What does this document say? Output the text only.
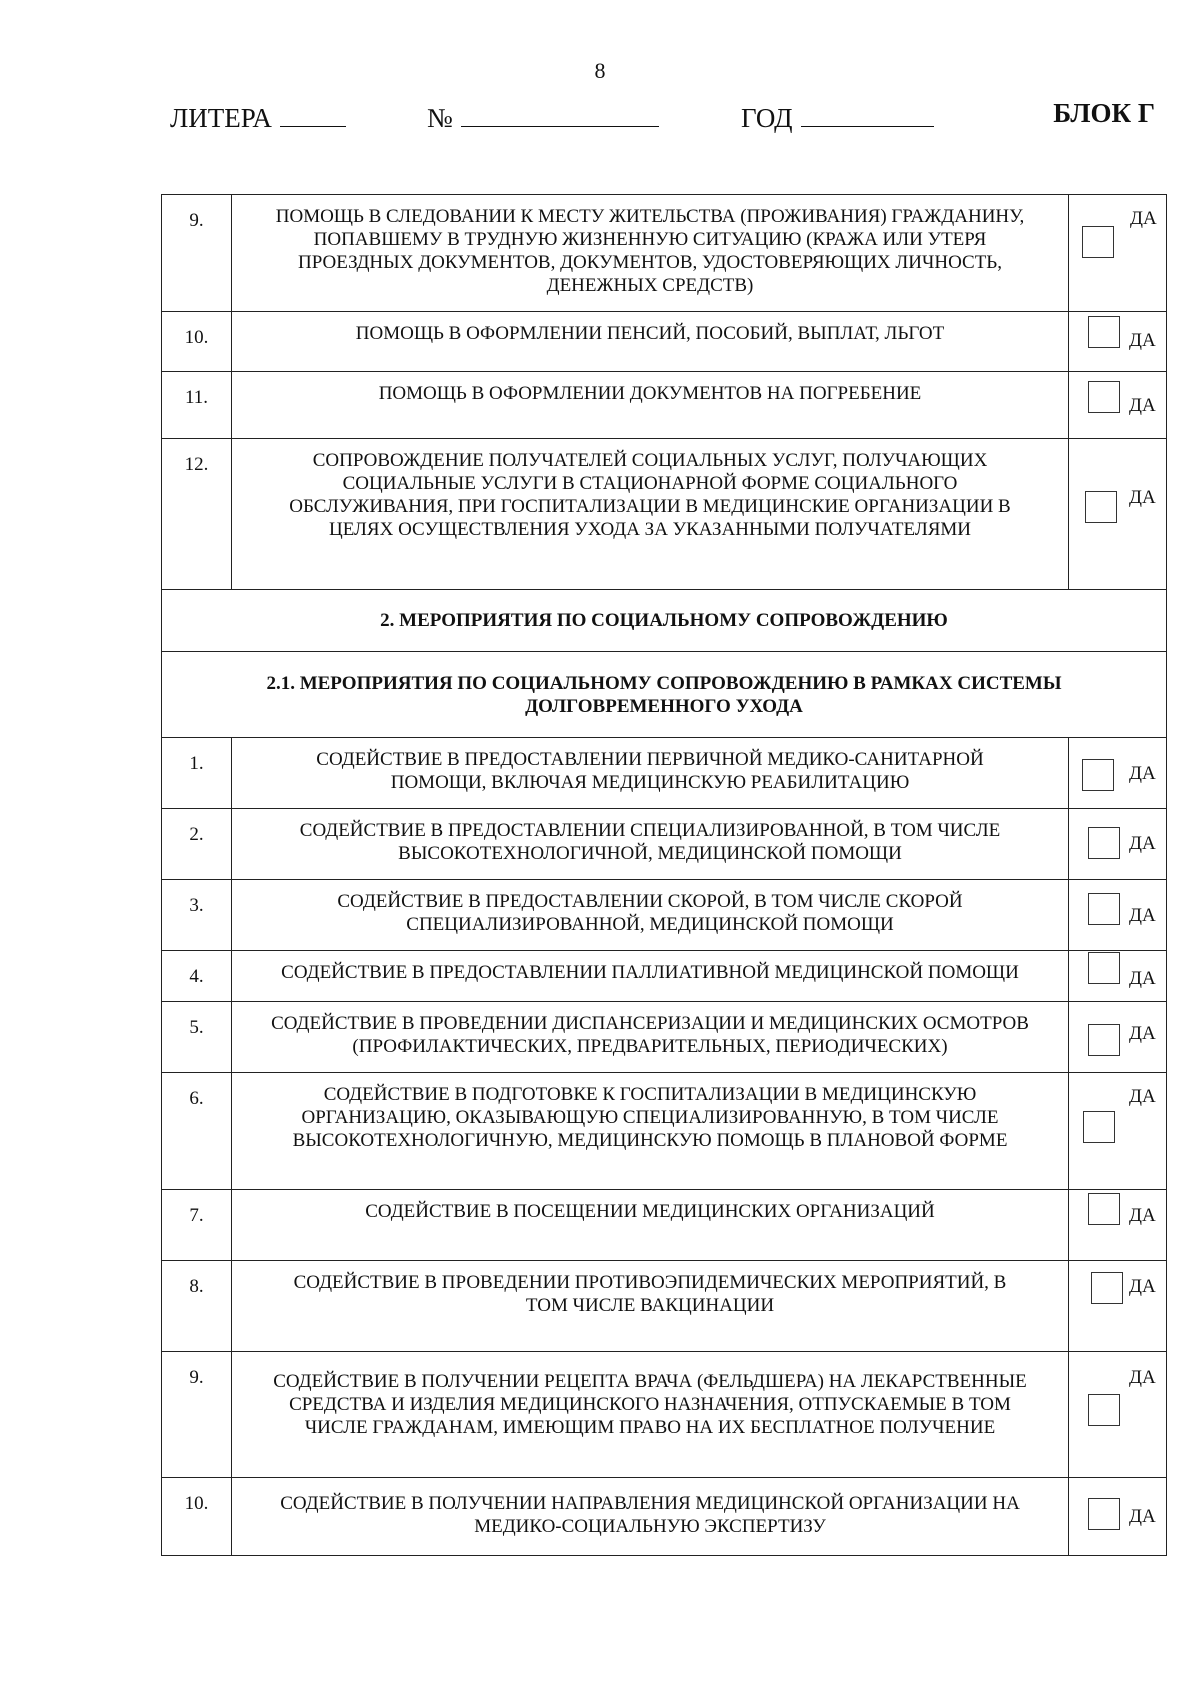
8
ЛИТЕРА	№	ГОД	БЛОК Г
9.	ПОМОЩЬ В СЛЕДОВАНИИ К МЕСТУ ЖИТЕЛЬСТВА (ПРОЖИВАНИЯ) ГРАЖДАНИНУ, ПОПАВШЕМУ В ТРУДНУЮ ЖИЗНЕННУЮ СИТУАЦИЮ (КРАЖА ИЛИ УТЕРЯ ПРОЕЗДНЫХ ДОКУМЕНТОВ, ДОКУМЕНТОВ, УДОСТОВЕРЯЮЩИХ ЛИЧНОСТЬ, ДЕНЕЖНЫХ СРЕДСТВ)	ДА

10.	ПОМОЩЬ В ОФОРМЛЕНИИ ПЕНСИЙ, ПОСОБИЙ, ВЫПЛАТ, ЛЬГОТ	ДА

11.	ПОМОЩЬ В ОФОРМЛЕНИИ ДОКУМЕНТОВ НА ПОГРЕБЕНИЕ	ДА

12.	СОПРОВОЖДЕНИЕ ПОЛУЧАТЕЛЕЙ СОЦИАЛЬНЫХ УСЛУГ, ПОЛУЧАЮЩИХ СОЦИАЛЬНЫЕ УСЛУГИ В СТАЦИОНАРНОЙ ФОРМЕ СОЦИАЛЬНОГО ОБСЛУЖИВАНИЯ, ПРИ ГОСПИТАЛИЗАЦИИ В МЕДИЦИНСКИЕ ОРГАНИЗАЦИИ В ЦЕЛЯХ ОСУЩЕСТВЛЕНИЯ УХОДА ЗА УКАЗАННЫМИ ПОЛУЧАТЕЛЯМИ	ДА

2. МЕРОПРИЯТИЯ ПО СОЦИАЛЬНОМУ СОПРОВОЖДЕНИЮ		
2.1. МЕРОПРИЯТИЯ ПО СОЦИАЛЬНОМУ СОПРОВОЖДЕНИЮ В РАМКАХ СИСТЕМЫ ДОЛГОВРЕМЕННОГО УХОДА		
1.	СОДЕЙСТВИЕ В ПРЕДОСТАВЛЕНИИ ПЕРВИЧНОЙ МЕДИКО-САНИТАРНОЙ ПОМОЩИ, ВКЛЮЧАЯ МЕДИЦИНСКУЮ РЕАБИЛИТАЦИЮ	ДА

2.	СОДЕЙСТВИЕ В ПРЕДОСТАВЛЕНИИ СПЕЦИАЛИЗИРОВАННОЙ, В ТОМ ЧИСЛЕ ВЫСОКОТЕХНОЛОГИЧНОЙ, МЕДИЦИНСКОЙ ПОМОЩИ	ДА

3.	СОДЕЙСТВИЕ В ПРЕДОСТАВЛЕНИИ СКОРОЙ, В ТОМ ЧИСЛЕ СКОРОЙ СПЕЦИАЛИЗИРОВАННОЙ, МЕДИЦИНСКОЙ ПОМОЩИ	ДА

4.	СОДЕЙСТВИЕ В ПРЕДОСТАВЛЕНИИ ПАЛЛИАТИВНОЙ МЕДИЦИНСКОЙ ПОМОЩИ	ДА

5.	СОДЕЙСТВИЕ В ПРОВЕДЕНИИ ДИСПАНСЕРИЗАЦИИ И МЕДИЦИНСКИХ ОСМОТРОВ (ПРОФИЛАКТИЧЕСКИХ, ПРЕДВАРИТЕЛЬНЫХ, ПЕРИОДИЧЕСКИХ)	ДА

6.	СОДЕЙСТВИЕ В ПОДГОТОВКЕ К ГОСПИТАЛИЗАЦИИ В МЕДИЦИНСКУЮ ОРГАНИЗАЦИЮ, ОКАЗЫВАЮЩУЮ СПЕЦИАЛИЗИРОВАННУЮ, В ТОМ ЧИСЛЕ ВЫСОКОТЕХНОЛОГИЧНУЮ, МЕДИЦИНСКУЮ ПОМОЩЬ В ПЛАНОВОЙ ФОРМЕ	ДА

7.	СОДЕЙСТВИЕ В ПОСЕЩЕНИИ МЕДИЦИНСКИХ ОРГАНИЗАЦИЙ	ДА

8.	СОДЕЙСТВИЕ В ПРОВЕДЕНИИ ПРОТИВОЭПИДЕМИЧЕСКИХ МЕРОПРИЯТИЙ, В ТОМ ЧИСЛЕ ВАКЦИНАЦИИ	ДА

9.	СОДЕЙСТВИЕ В ПОЛУЧЕНИИ РЕЦЕПТА ВРАЧА (ФЕЛЬДШЕРА) НА ЛЕКАРСТВЕННЫЕ СРЕДСТВА И ИЗДЕЛИЯ МЕДИЦИНСКОГО НАЗНАЧЕНИЯ, ОТПУСКАЕМЫЕ В ТОМ ЧИСЛЕ ГРАЖДАНАМ, ИМЕЮЩИМ ПРАВО НА ИХ БЕСПЛАТНОЕ ПОЛУЧЕНИЕ	ДА

10.	СОДЕЙСТВИЕ В ПОЛУЧЕНИИ НАПРАВЛЕНИЯ МЕДИЦИНСКОЙ ОРГАНИЗАЦИИ НА МЕДИКО-СОЦИАЛЬНУЮ ЭКСПЕРТИЗУ	ДА
